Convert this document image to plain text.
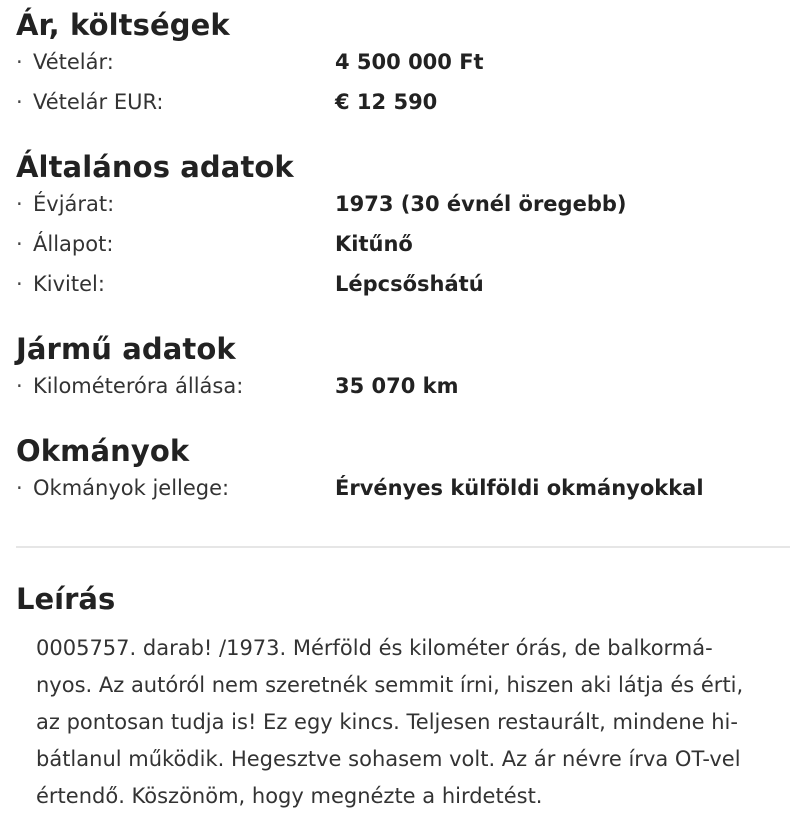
Ár, költségek
· Vételár:	4 500 000 Ft
· Vételár EUR:	€ 12 590
Általános adatok
· Évjárat:	1973 (30 évnél öregebb)
· Állapot:	Kitűnő
· Kivitel:	Lépcsőshátú
Jármű adatok
· Kilométeróra állása:	35 070 km
Okmányok
· Okmányok jellege:	Érvényes külföldi okmányokkal
Leírás

0005757. darab! /1973. Mérföld és kilométer órás, de balkormá-
nyos. Az autóról nem szeretnék semmit írni, hiszen aki látja és érti,
az pontosan tudja is! Ez egy kincs. Teljesen restaurált, mindene hi-
bátlanul működik. Hegesztve sohasem volt. Az ár névre írva OT-vel
értendő. Köszönöm, hogy megnézte a hirdetést.
